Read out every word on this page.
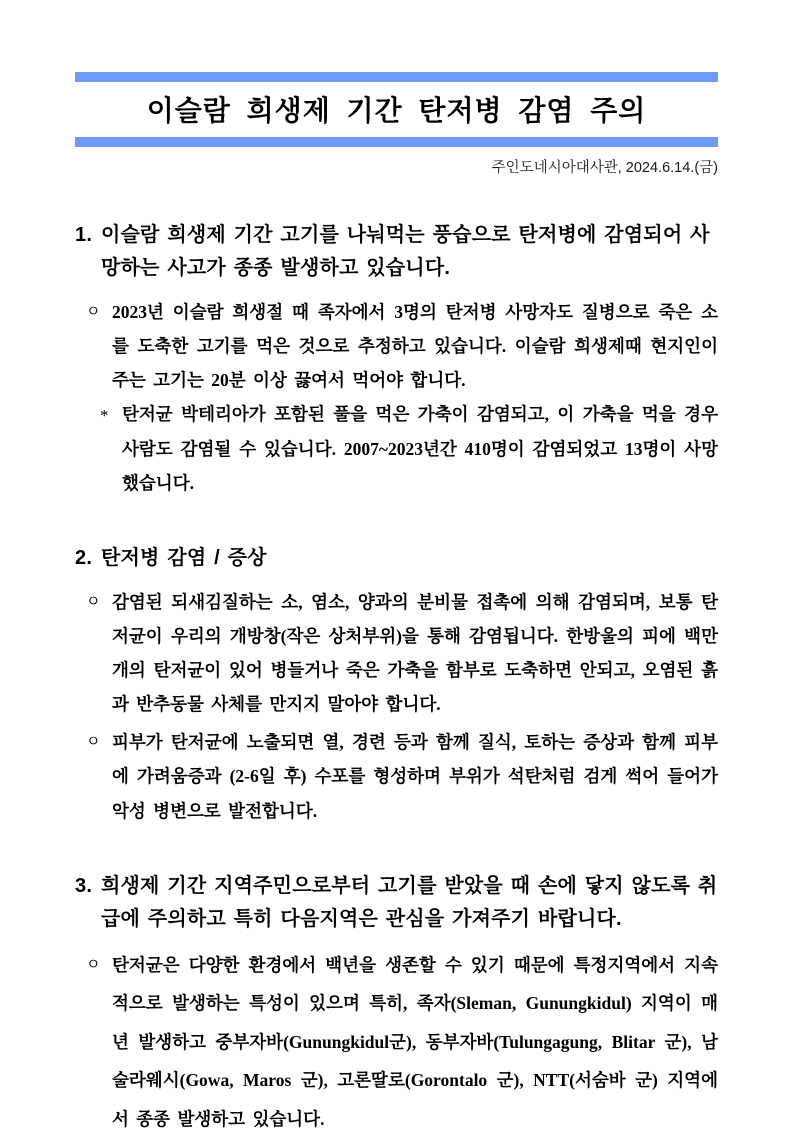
이슬람 희생제 기간 탄저병 감염 주의
주인도네시아대사관, 2024.6.14.(금)
1. 이슬람 희생제 기간 고기를 나눠먹는 풍습으로 탄저병에 감염되어 사망하는 사고가 종종 발생하고 있습니다.
ㅇ 2023년 이슬람 희생절 때 족자에서 3명의 탄저병 사망자도 질병으로 죽은 소를 도축한 고기를 먹은 것으로 추정하고 있습니다. 이슬람 희생제때 현지인이 주는 고기는 20분 이상 끓여서 먹어야 합니다.
* 탄저균 박테리아가 포함된 풀을 먹은 가축이 감염되고, 이 가축을 먹을 경우 사람도 감염될 수 있습니다. 2007~2023년간 410명이 감염되었고 13명이 사망했습니다.
2. 탄저병 감염 / 증상
ㅇ 감염된 되새김질하는 소, 염소, 양과의 분비물 접촉에 의해 감염되며, 보통 탄저균이 우리의 개방창(작은 상처부위)을 통해 감염됩니다. 한방울의 피에 백만개의 탄저균이 있어 병들거나 죽은 가축을 함부로 도축하면 안되고, 오염된 흙과 반추동물 사체를 만지지 말아야 합니다.
ㅇ 피부가 탄저균에 노출되면 열, 경련 등과 함께 질식, 토하는 증상과 함께 피부에 가려움증과 (2-6일 후) 수포를 형성하며 부위가 석탄처럼 검게 썩어 들어가 악성 병변으로 발전합니다.
3. 희생제 기간 지역주민으로부터 고기를 받았을 때 손에 닿지 않도록 취급에 주의하고 특히 다음지역은 관심을 가져주기 바랍니다.
ㅇ 탄저균은 다양한 환경에서 백년을 생존할 수 있기 때문에 특정지역에서 지속적으로 발생하는 특성이 있으며 특히, 족자(Sleman, Gunungkidul) 지역이 매년 발생하고 중부자바(Gunungkidul군), 동부자바(Tulungagung, Blitar 군), 남술라웨시(Gowa, Maros 군), 고론딸로(Gorontalo 군), NTT(서숨바 군) 지역에서 종종 발생하고 있습니다.
